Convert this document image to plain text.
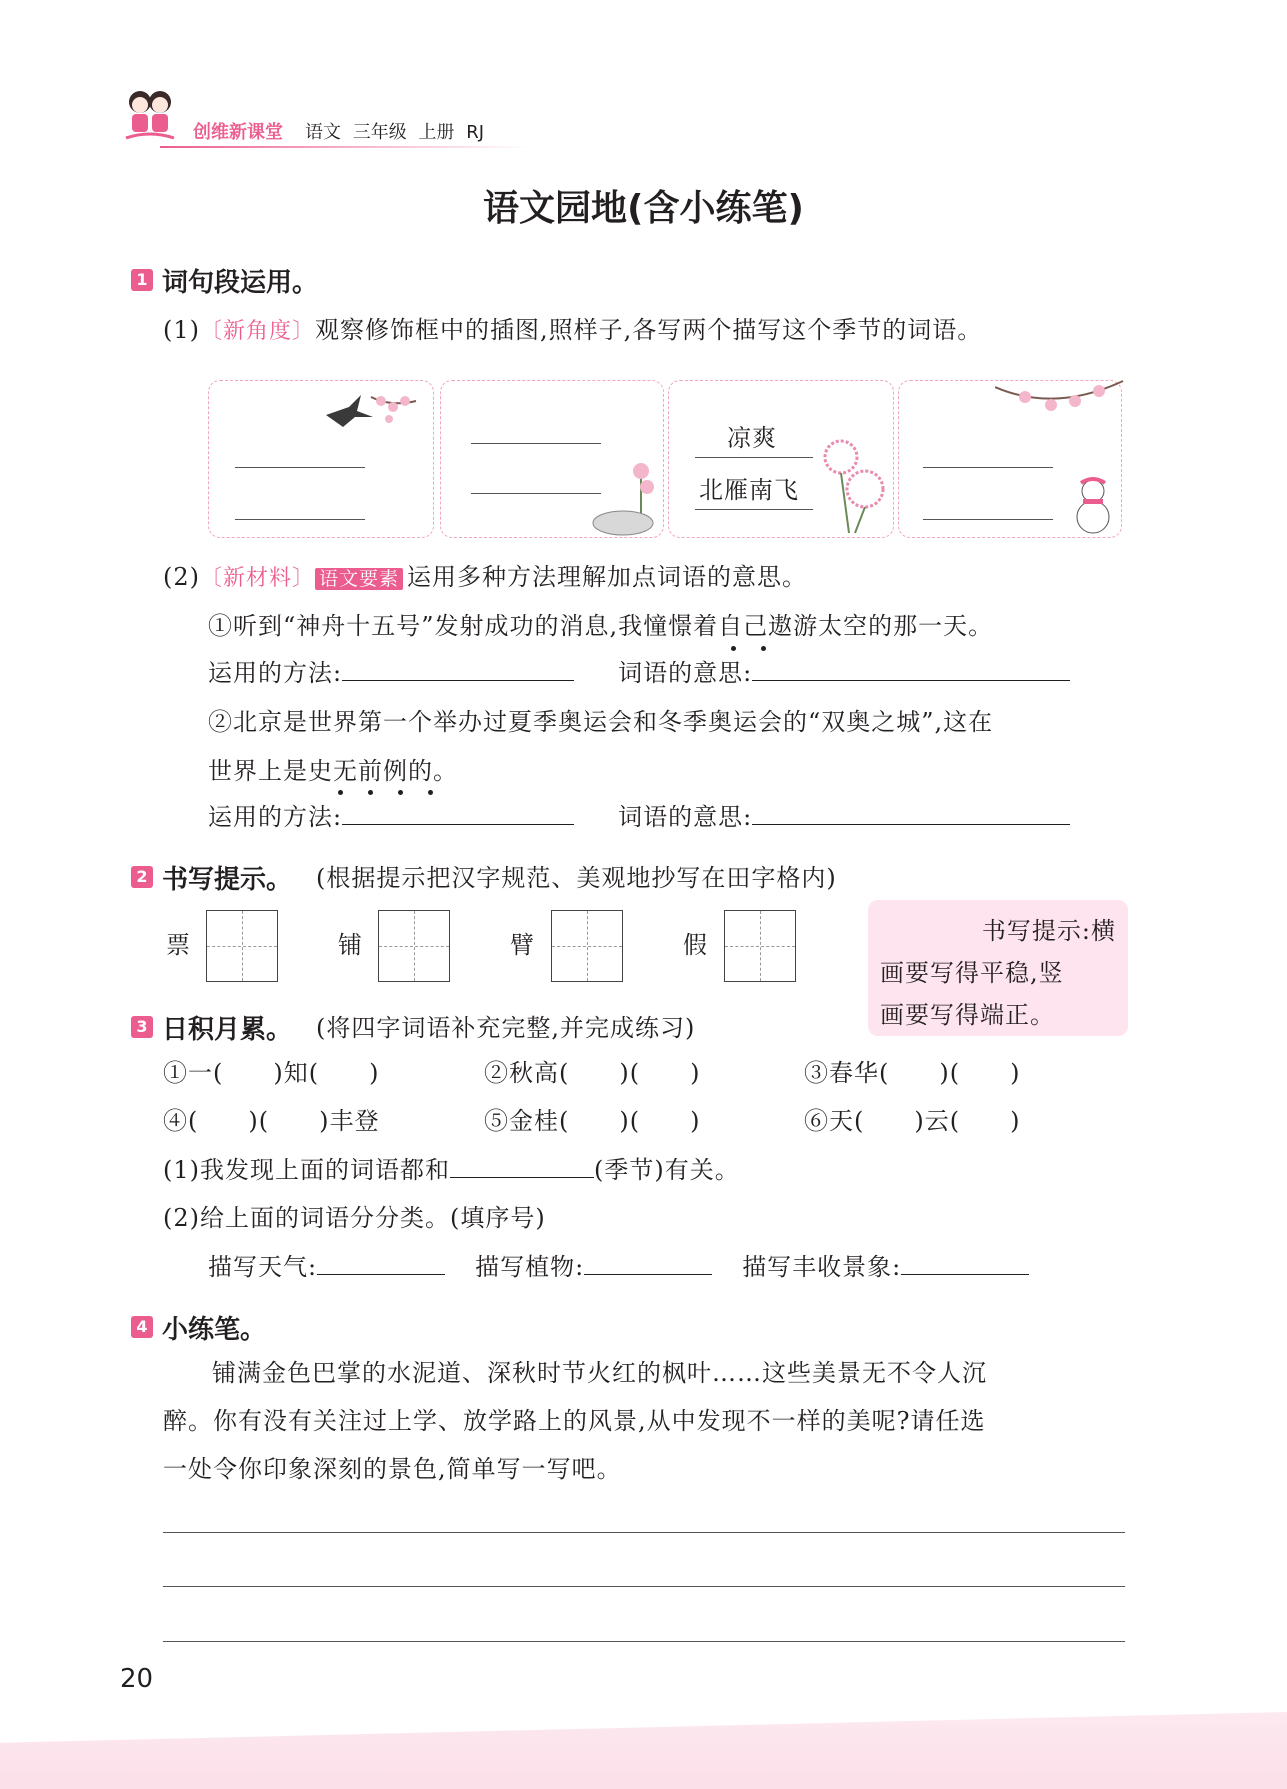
创维新课堂 语文 三年级 上册 RJ
语文园地(含小练笔)
1 词句段运用。
(1)〔新角度〕观察修饰框中的插图,照样子,各写两个描写这个季节的词语。
凉爽
北雁南飞
(2)〔新材料〕 语文要素 运用多种方法理解加点词语的意思。
①听到“神舟十五号”发射成功的消息,我憧憬着自己遨游太空的那一天。
运用的方法:	词语的意思:
②北京是世界第一个举办过夏季奥运会和冬季奥运会的“双奥之城”,这在
世界上是史无前例的。
运用的方法:	词语的意思:
2 书写提示。 (根据提示把汉字规范、美观地抄写在田字格内)
票	铺	臂	假	书写提示:横
画要写得平稳,竖
画要写得端正。
3 日积月累。 (将四字词语补充完整,并完成练习)
①一(　　)知(　　)	②秋高(　　)(　　)	③春华(　　)(　　)
④(　　)(　　)丰登	⑤金桂(　　)(　　)	⑥天(　　)云(　　)
(1)我发现上面的词语都和	(季节)有关。
(2)给上面的词语分分类。(填序号)
描写天气:	描写植物:	描写丰收景象:
4 小练笔。
铺满金色巴掌的水泥道、深秋时节火红的枫叶……这些美景无不令人沉
醉。你有没有关注过上学、放学路上的风景,从中发现不一样的美呢?请任选
一处令你印象深刻的景色,简单写一写吧。
20
